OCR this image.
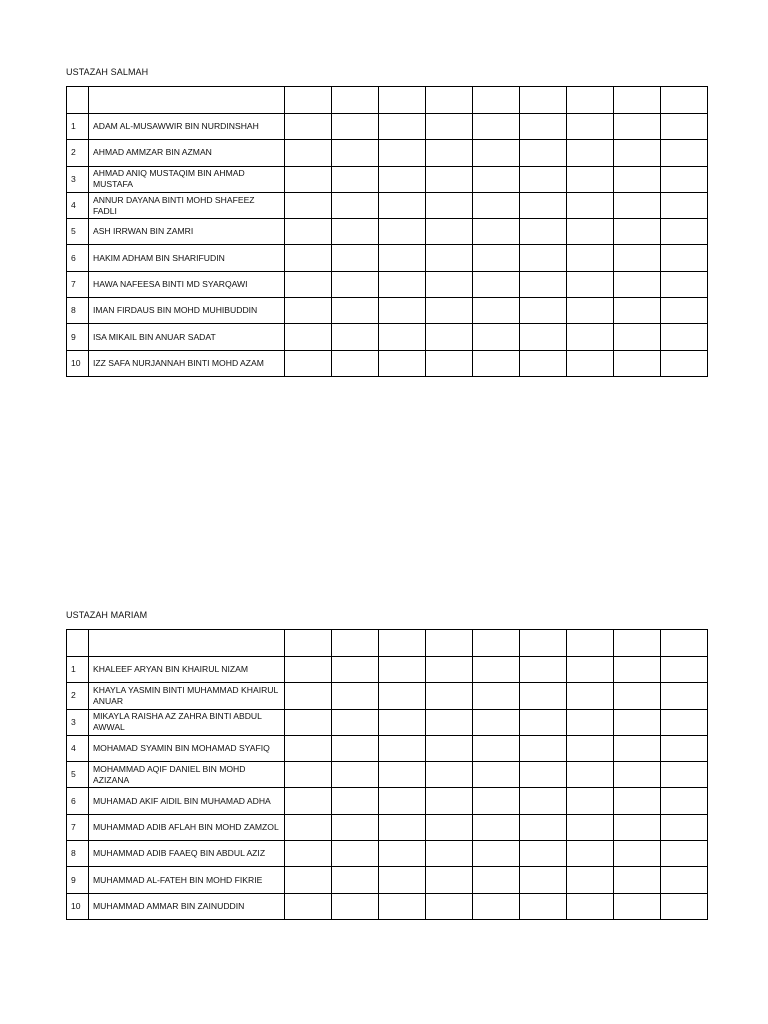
USTAZAH SALMAH

1	ADAM AL-MUSAWWIR BIN NURDINSHAH									

2	AHMAD AMMZAR BIN AZMAN									

3	AHMAD ANIQ MUSTAQIM BIN AHMAD MUSTAFA									

4	ANNUR DAYANA BINTI MOHD SHAFEEZ FADLI									

5	ASH IRRWAN BIN ZAMRI									

6	HAKIM ADHAM BIN SHARIFUDIN									

7	HAWA NAFEESA BINTI MD SYARQAWI									

8	IMAN FIRDAUS BIN MOHD MUHIBUDDIN									

9	ISA MIKAIL BIN ANUAR SADAT									

10	IZZ SAFA NURJANNAH BINTI MOHD AZAM									

USTAZAH MARIAM

1	KHALEEF ARYAN BIN KHAIRUL NIZAM									

2	KHAYLA YASMIN BINTI MUHAMMAD KHAIRUL ANUAR									

3	MIKAYLA RAISHA AZ ZAHRA BINTI ABDUL AWWAL									

4	MOHAMAD SYAMIN BIN MOHAMAD SYAFIQ									

5	MOHAMMAD AQIF DANIEL BIN MOHD AZIZANA									

6	MUHAMAD AKIF AIDIL BIN MUHAMAD ADHA									

7	MUHAMMAD ADIB AFLAH BIN MOHD ZAMZOL									

8	MUHAMMAD ADIB FAAEQ BIN ABDUL AZIZ									

9	MUHAMMAD AL-FATEH BIN MOHD FIKRIE									

10	MUHAMMAD AMMAR BIN ZAINUDDIN									
